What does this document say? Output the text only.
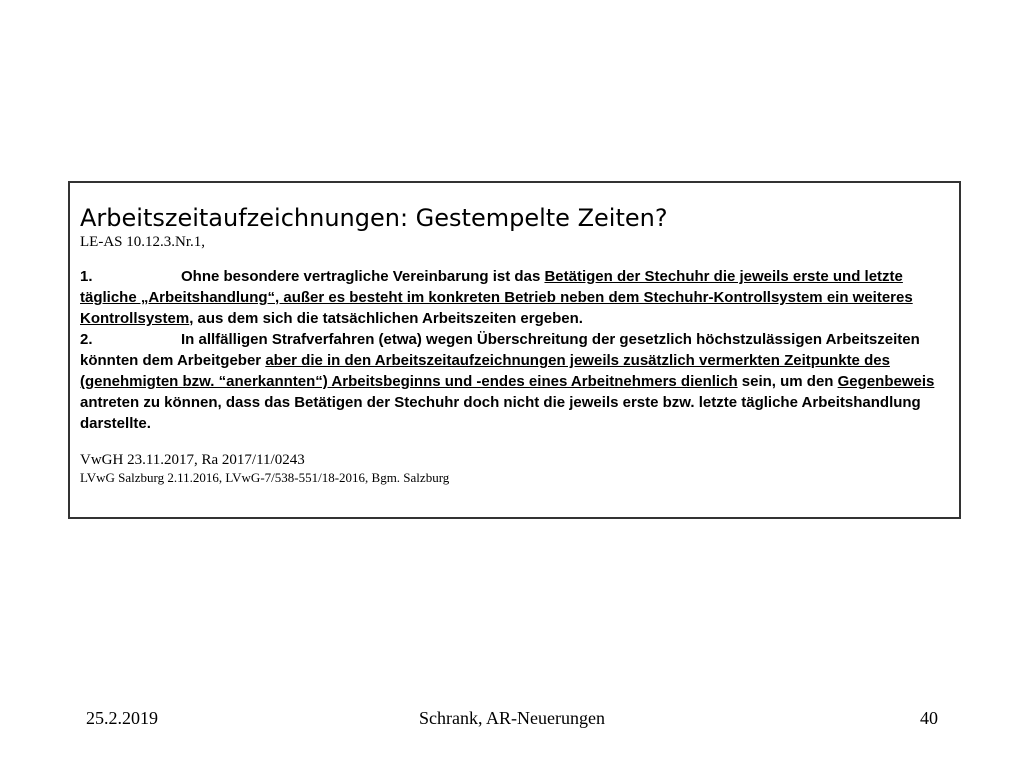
Arbeitszeitaufzeichnungen: Gestempelte Zeiten?

LE-AS 10.12.3.Nr.1,

1.	Ohne besondere vertragliche Vereinbarung ist das Betätigen der Stechuhr die jeweils erste und letzte tägliche „Arbeitshandlung“, außer es besteht im konkreten Betrieb neben dem Stechuhr-Kontrollsystem ein weiteres Kontrollsystem, aus dem sich die tatsächlichen Arbeitszeiten ergeben.

2.	In allfälligen Strafverfahren (etwa) wegen Überschreitung der gesetzlich höchstzulässigen Arbeitszeiten könnten dem Arbeitgeber aber die in den Arbeitszeitaufzeichnungen jeweils zusätzlich vermerkten Zeitpunkte des (genehmigten bzw. “anerkannten“) Arbeitsbeginns und -endes eines Arbeitnehmers dienlich sein, um den Gegenbeweis antreten zu können, dass das Betätigen der Stechuhr doch nicht die jeweils erste bzw. letzte tägliche Arbeitshandlung darstellte.

VwGH 23.11.2017, Ra 2017/11/0243

LVwG Salzburg 2.11.2016, LVwG-7/538-551/18-2016, Bgm. Salzburg

25.2.2019	Schrank, AR-Neuerungen	40
